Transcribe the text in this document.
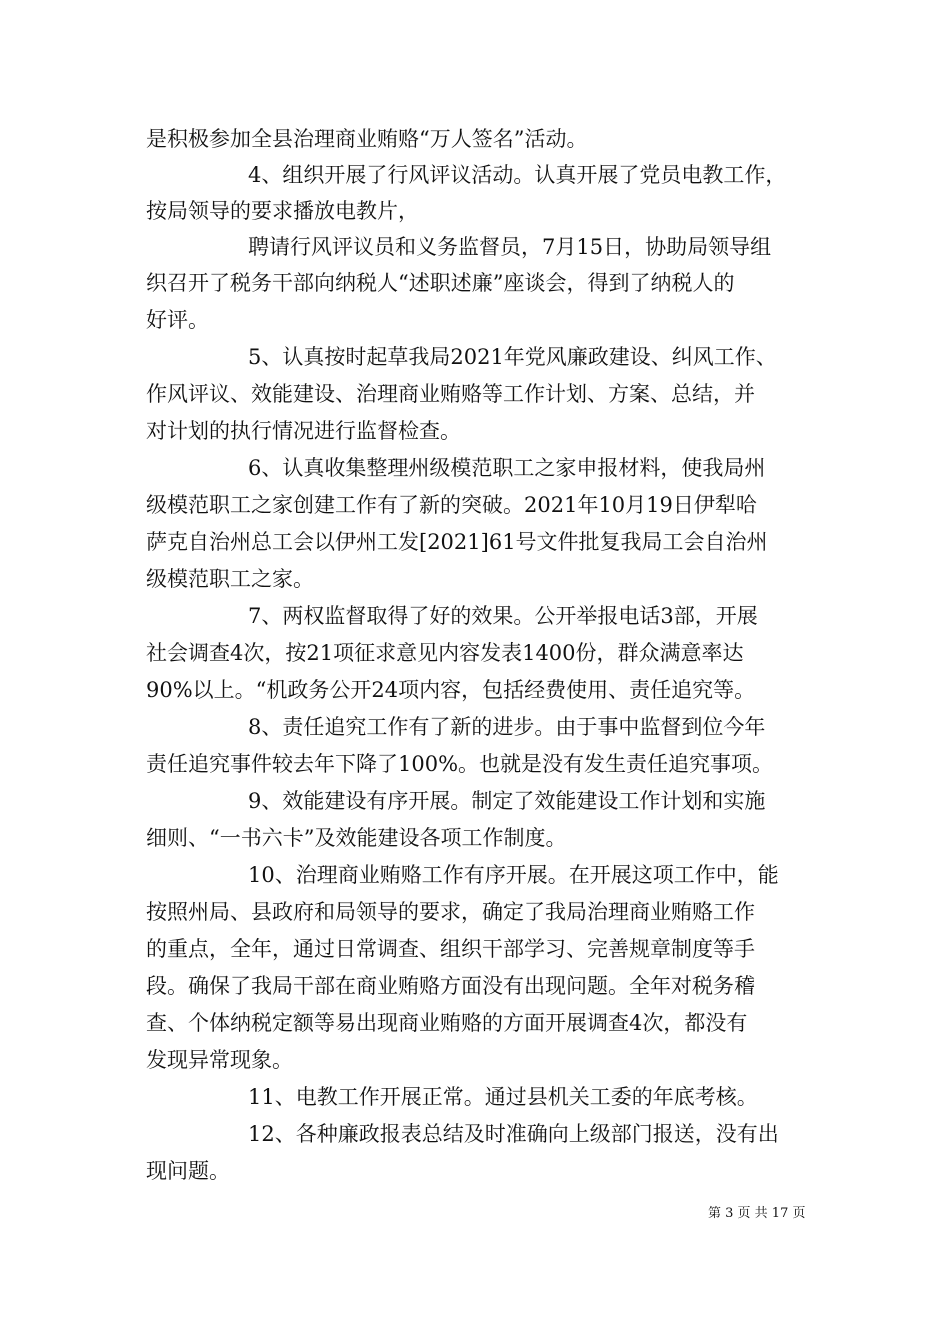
是积极参加全县治理商业贿赂“万人签名”活动。
4、组织开展了行风评议活动。认真开展了党员电教工作，
按局领导的要求播放电教片，
聘请行风评议员和义务监督员，7月15日，协助局领导组
织召开了税务干部向纳税人“述职述廉”座谈会，得到了纳税人的
好评。
5、认真按时起草我局2021年党风廉政建设、纠风工作、
作风评议、效能建设、治理商业贿赂等工作计划、方案、总结，并
对计划的执行情况进行监督检查。
6、认真收集整理州级模范职工之家申报材料，使我局州
级模范职工之家创建工作有了新的突破。2021年10月19日伊犁哈
萨克自治州总工会以伊州工发[2021]61号文件批复我局工会自治州
级模范职工之家。
7、两权监督取得了好的效果。公开举报电话3部，开展
社会调查4次，按21项征求意见内容发表1400份，群众满意率达
90%以上。“机政务公开24项内容，包括经费使用、责任追究等。
8、责任追究工作有了新的进步。由于事中监督到位今年
责任追究事件较去年下降了100%。也就是没有发生责任追究事项。
9、效能建设有序开展。制定了效能建设工作计划和实施
细则、“一书六卡”及效能建设各项工作制度。
10、治理商业贿赂工作有序开展。在开展这项工作中，能
按照州局、县政府和局领导的要求，确定了我局治理商业贿赂工作
的重点，全年，通过日常调查、组织干部学习、完善规章制度等手
段。确保了我局干部在商业贿赂方面没有出现问题。全年对税务稽
查、个体纳税定额等易出现商业贿赂的方面开展调查4次，都没有
发现异常现象。
11、电教工作开展正常。通过县机关工委的年底考核。
12、各种廉政报表总结及时准确向上级部门报送，没有出
现问题。
第 3 页 共 17 页
